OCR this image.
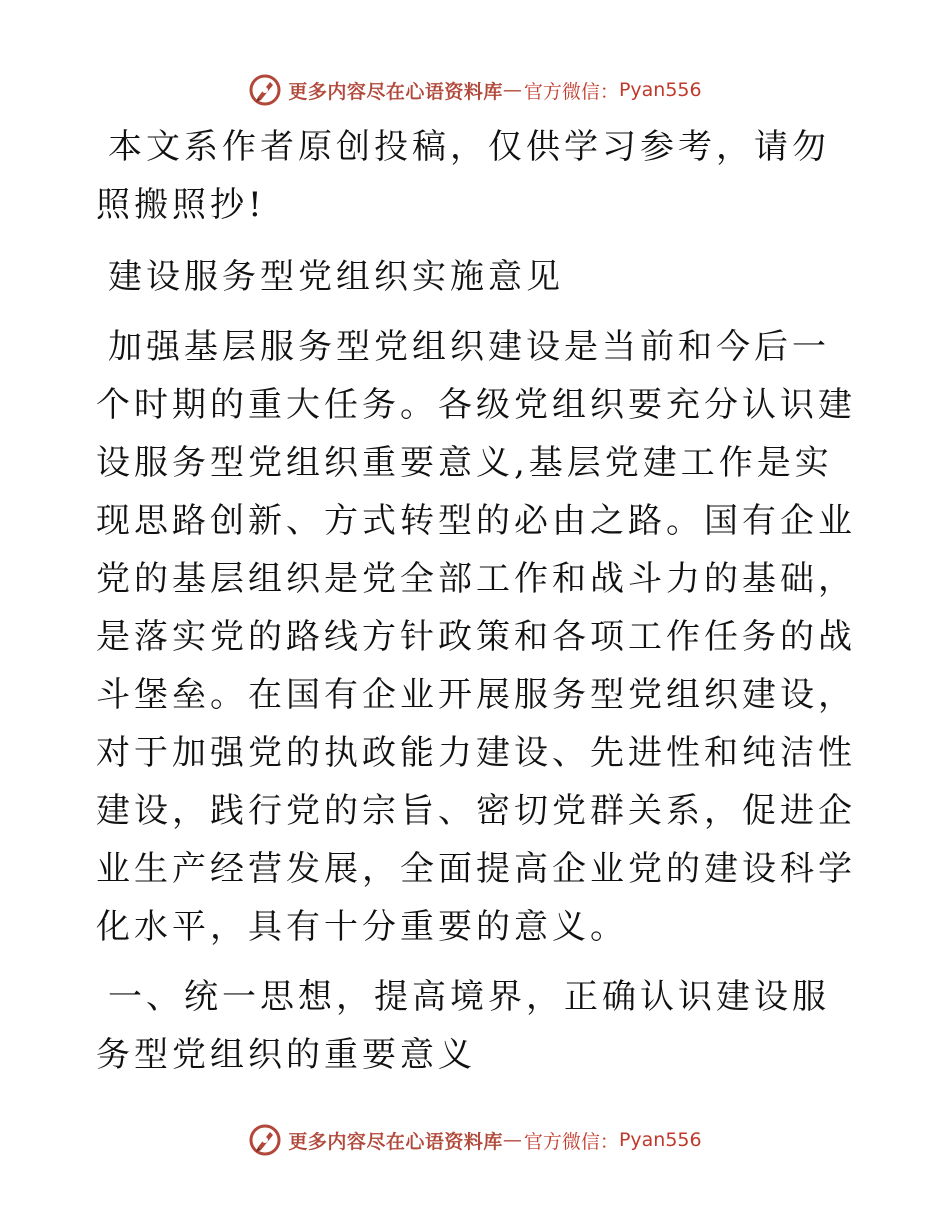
更多内容尽在心语资料库 — 官方微信： Pyan556

本文系作者原创投稿，仅供学习参考，请勿照搬照抄!

建设服务型党组织实施意见

加强基层服务型党组织建设是当前和今后一个时期的重大任务。各级党组织要充分认识建设服务型党组织重要意义,基层党建工作是实现思路创新、方式转型的必由之路。国有企业党的基层组织是党全部工作和战斗力的基础，是落实党的路线方针政策和各项工作任务的战斗堡垒。在国有企业开展服务型党组织建设，对于加强党的执政能力建设、先进性和纯洁性建设，践行党的宗旨、密切党群关系，促进企业生产经营发展，全面提高企业党的建设科学化水平，具有十分重要的意义。

一、统一思想，提高境界，正确认识建设服务型党组织的重要意义

更多内容尽在心语资料库 — 官方微信： Pyan556
